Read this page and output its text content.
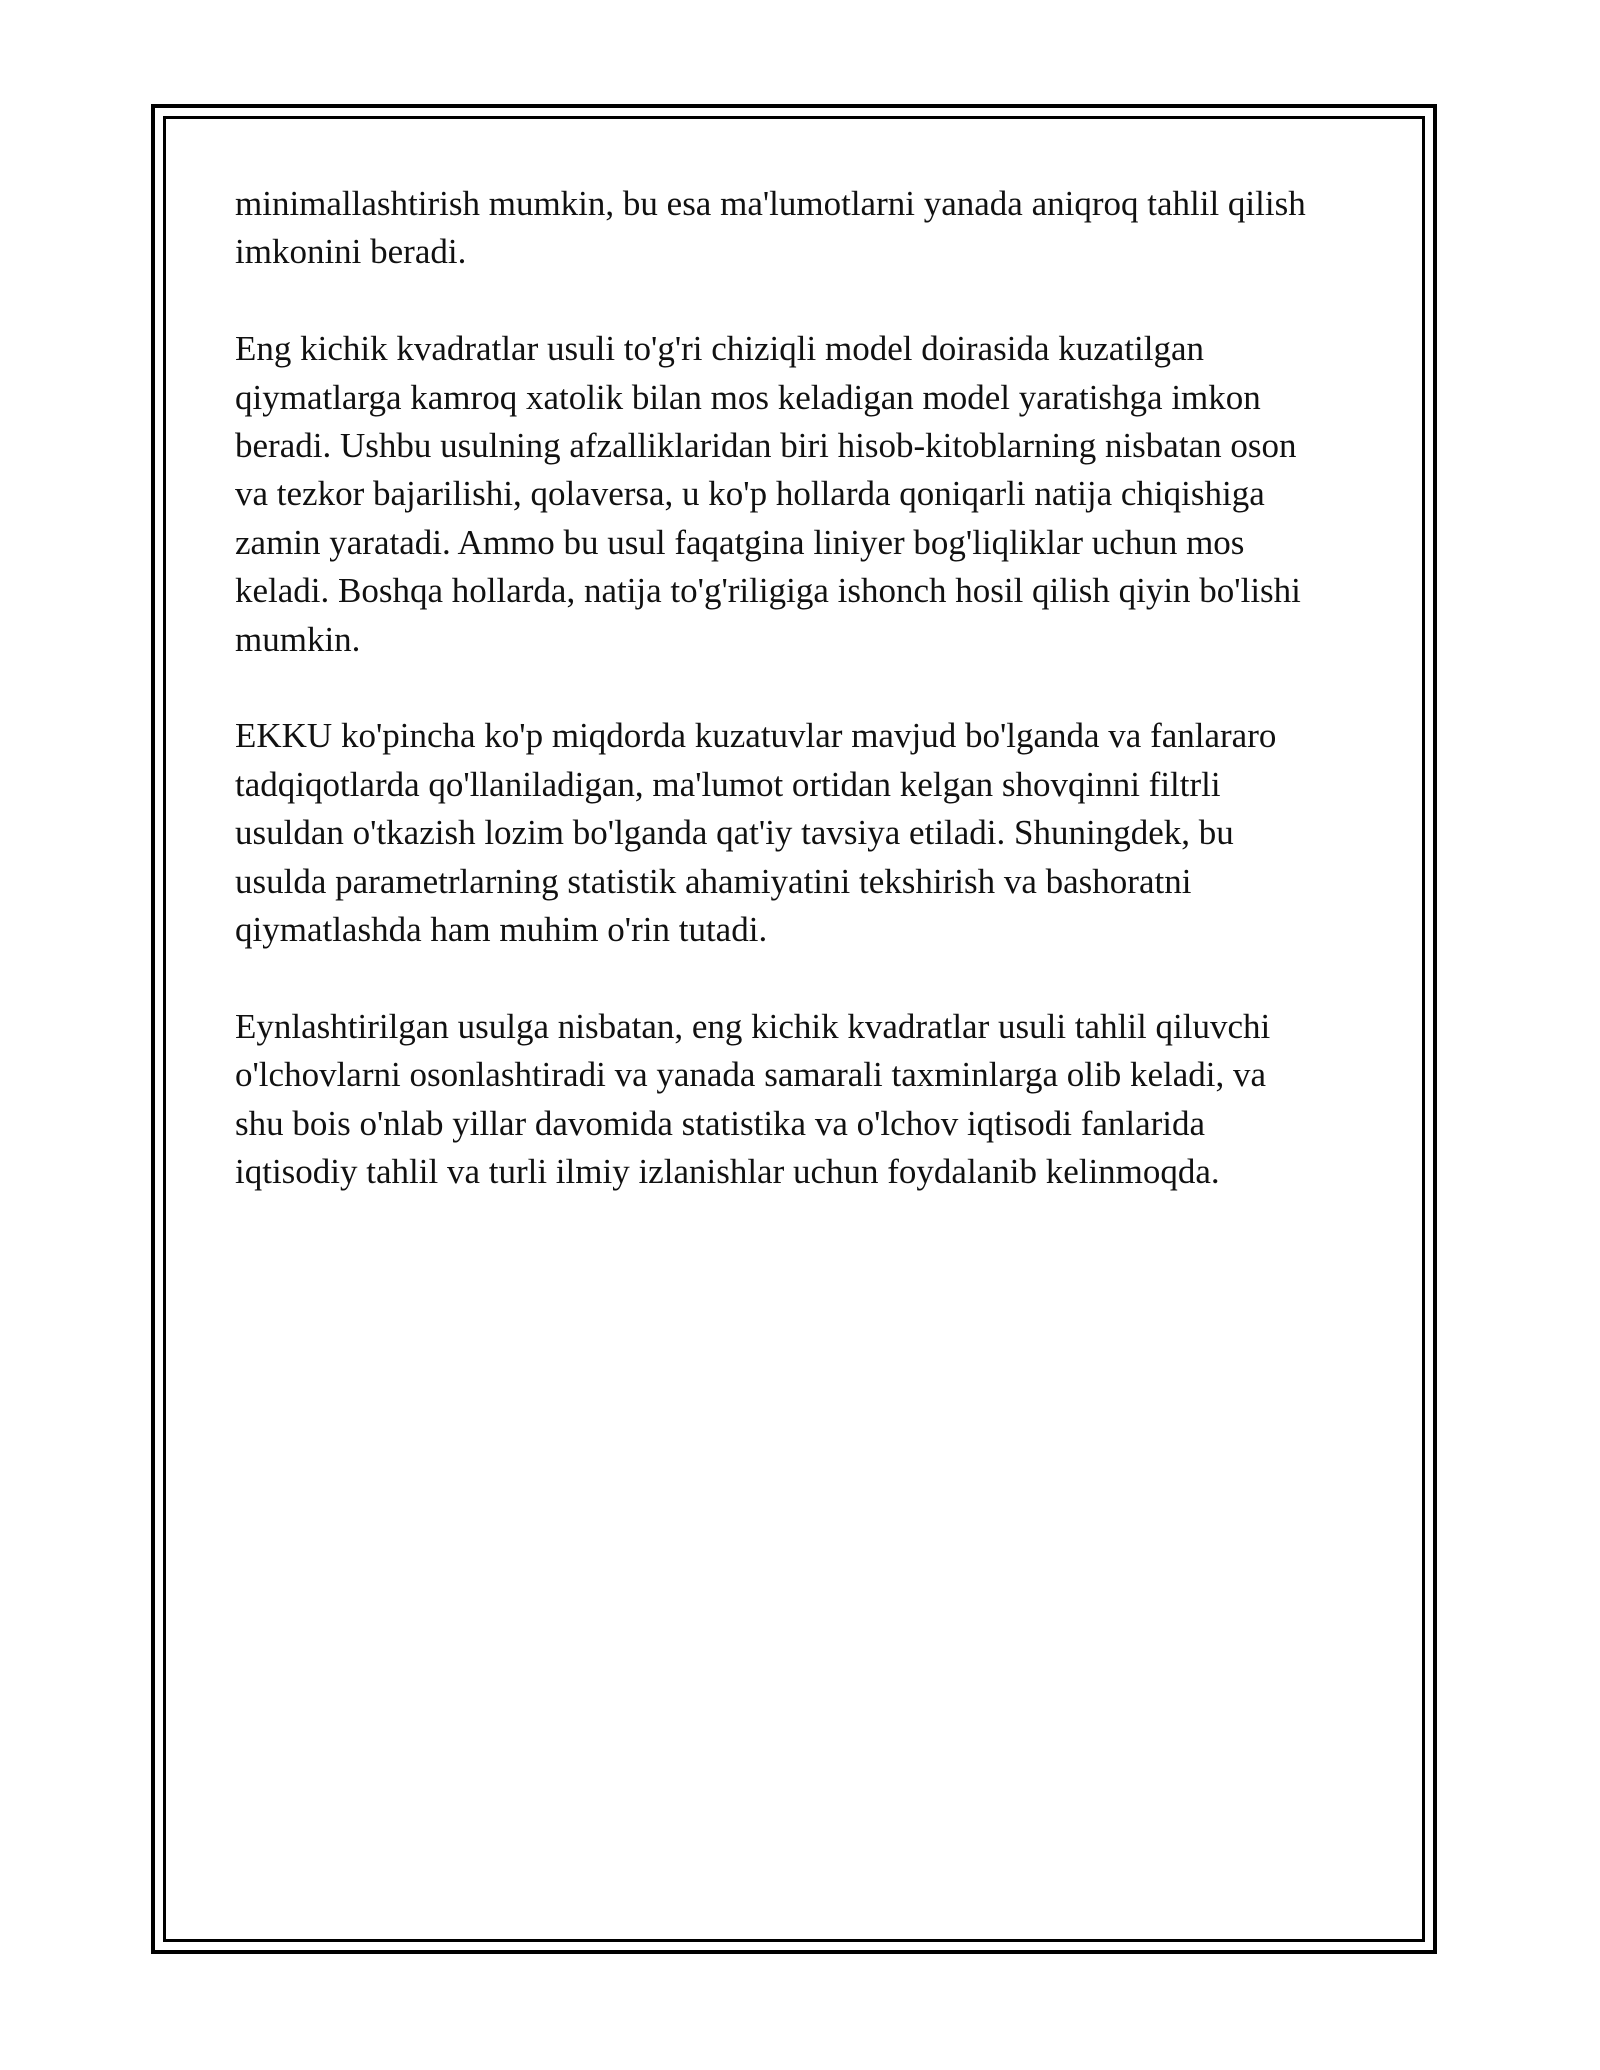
minimallashtirish mumkin, bu esa ma'lumotlarni yanada aniqroq tahlil qilish
imkonini beradi.

Eng kichik kvadratlar usuli to'g'ri chiziqli model doirasida kuzatilgan
qiymatlarga kamroq xatolik bilan mos keladigan model yaratishga imkon
beradi. Ushbu usulning afzalliklaridan biri hisob-kitoblarning nisbatan oson
va tezkor bajarilishi, qolaversa, u ko'p hollarda qoniqarli natija chiqishiga
zamin yaratadi. Ammo bu usul faqatgina liniyer bog'liqliklar uchun mos
keladi. Boshqa hollarda, natija to'g'riligiga ishonch hosil qilish qiyin bo'lishi
mumkin.

EKKU ko'pincha ko'p miqdorda kuzatuvlar mavjud bo'lganda va fanlararo
tadqiqotlarda qo'llaniladigan, ma'lumot ortidan kelgan shovqinni filtrli
usuldan o'tkazish lozim bo'lganda qat'iy tavsiya etiladi. Shuningdek, bu
usulda parametrlarning statistik ahamiyatini tekshirish va bashoratni
qiymatlashda ham muhim o'rin tutadi.

Eynlashtirilgan usulga nisbatan, eng kichik kvadratlar usuli tahlil qiluvchi
o'lchovlarni osonlashtiradi va yanada samarali taxminlarga olib keladi, va
shu bois o'nlab yillar davomida statistika va o'lchov iqtisodi fanlarida
iqtisodiy tahlil va turli ilmiy izlanishlar uchun foydalanib kelinmoqda.
